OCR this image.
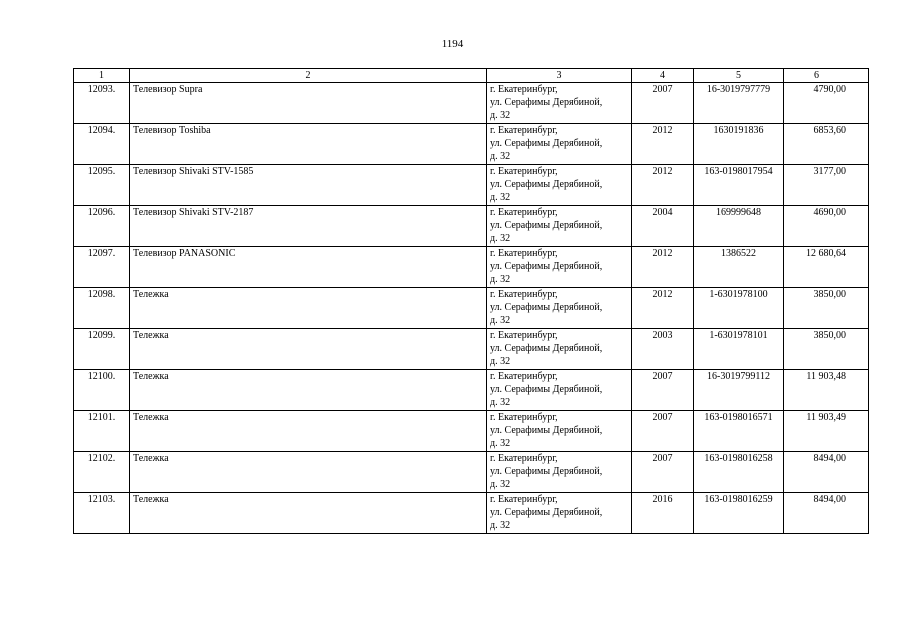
1194
1	2	3	4	5	6
12093.	Телевизор Supra	г. Екатеринбург,
ул. Серафимы Дерябиной,
д. 32	2007	16-3019797779	4790,00
12094.	Телевизор Toshiba	г. Екатеринбург,
ул. Серафимы Дерябиной,
д. 32	2012	1630191836	6853,60
12095.	Телевизор Shivaki STV-1585	г. Екатеринбург,
ул. Серафимы Дерябиной,
д. 32	2012	163-0198017954	3177,00
12096.	Телевизор Shivaki STV-2187	г. Екатеринбург,
ул. Серафимы Дерябиной,
д. 32	2004	169999648	4690,00
12097.	Телевизор PANASONIC	г. Екатеринбург,
ул. Серафимы Дерябиной,
д. 32	2012	1386522	12 680,64
12098.	Тележка	г. Екатеринбург,
ул. Серафимы Дерябиной,
д. 32	2012	1-6301978100	3850,00
12099.	Тележка	г. Екатеринбург,
ул. Серафимы Дерябиной,
д. 32	2003	1-6301978101	3850,00
12100.	Тележка	г. Екатеринбург,
ул. Серафимы Дерябиной,
д. 32	2007	16-3019799112	11 903,48
12101.	Тележка	г. Екатеринбург,
ул. Серафимы Дерябиной,
д. 32	2007	163-0198016571	11 903,49
12102.	Тележка	г. Екатеринбург,
ул. Серафимы Дерябиной,
д. 32	2007	163-0198016258	8494,00
12103.	Тележка	г. Екатеринбург,
ул. Серафимы Дерябиной,
д. 32	2016	163-0198016259	8494,00
